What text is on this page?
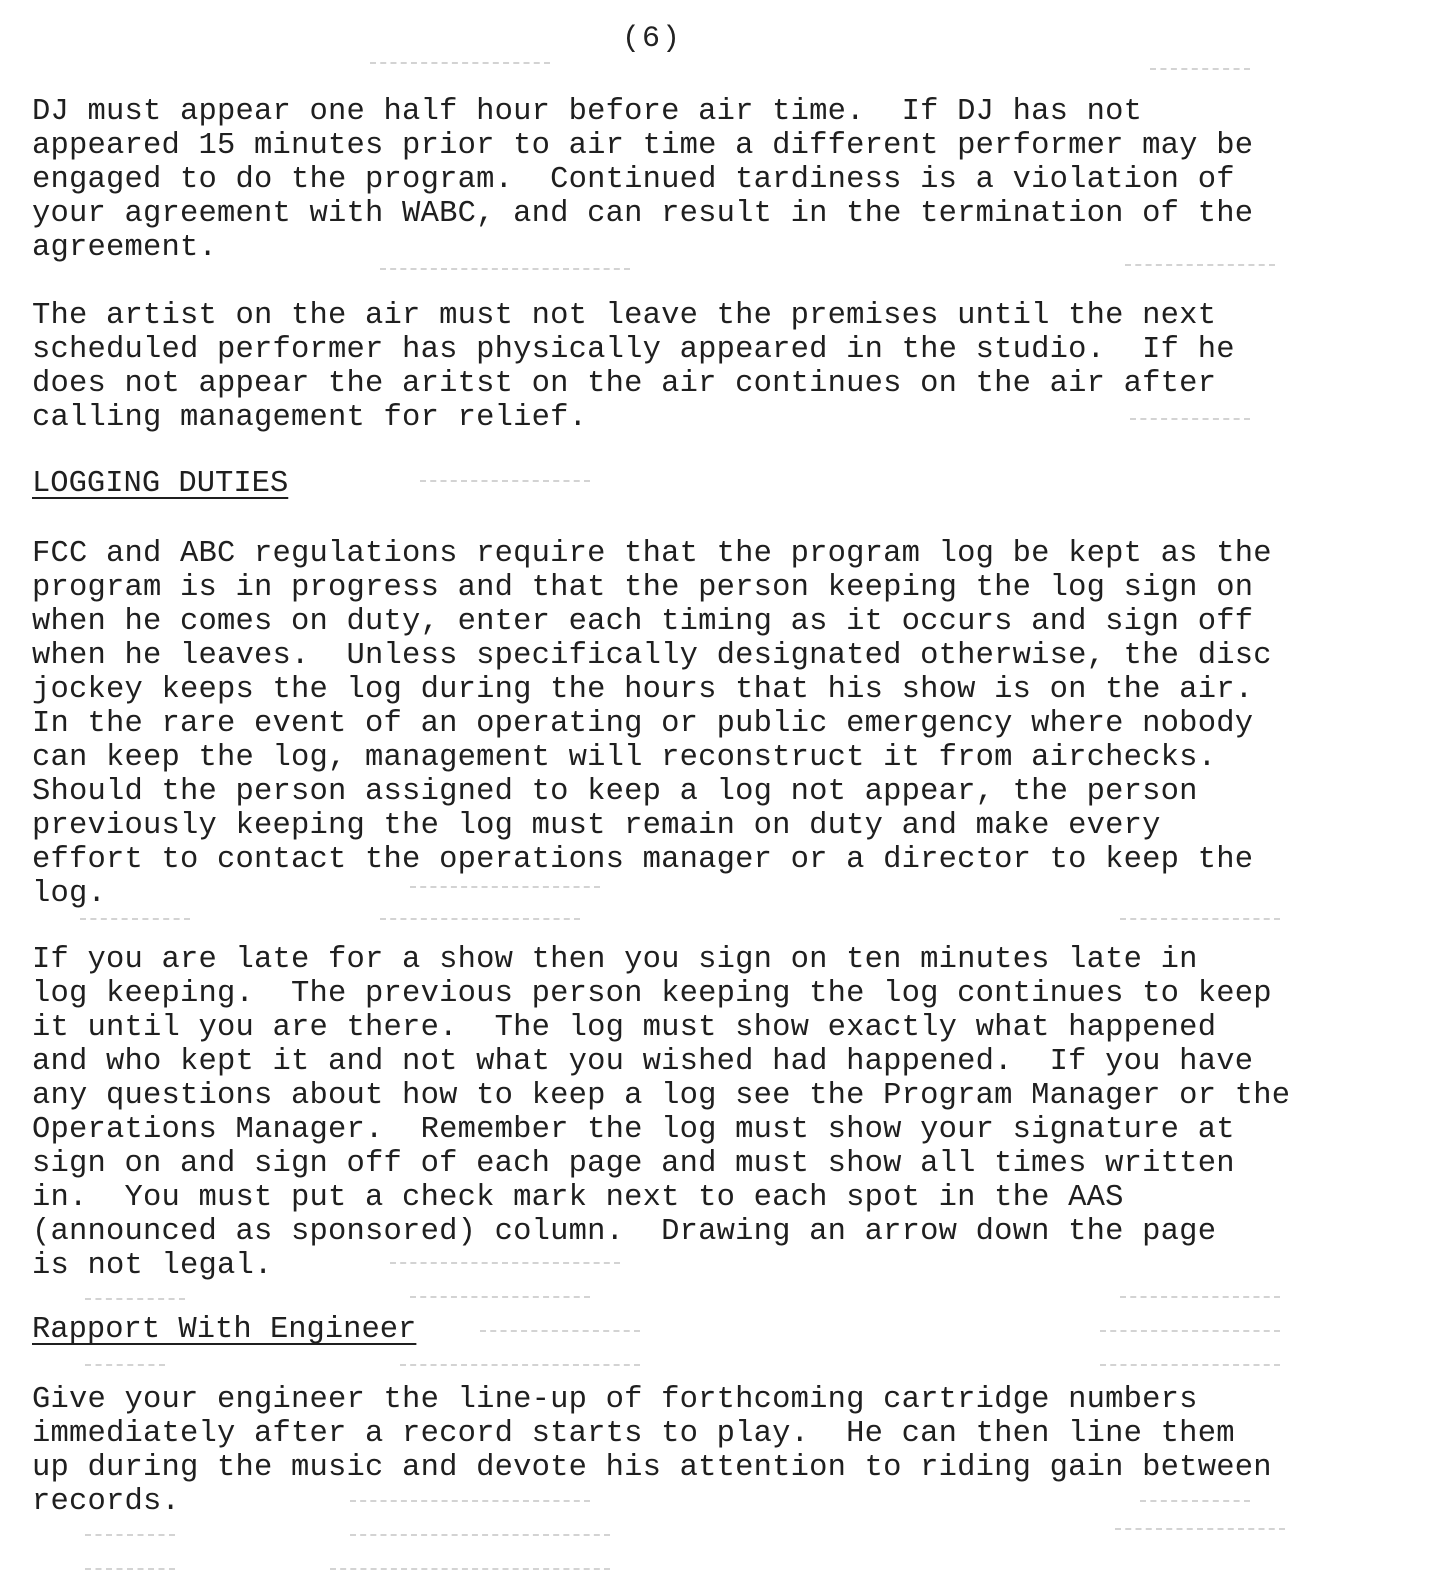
(6)

DJ must appear one half hour before air time.  If DJ has not
appeared 15 minutes prior to air time a different performer may be
engaged to do the program.  Continued tardiness is a violation of
your agreement with WABC, and can result in the termination of the
agreement.

The artist on the air must not leave the premises until the next
scheduled performer has physically appeared in the studio.  If he
does not appear the aritst on the air continues on the air after
calling management for relief.

LOGGING DUTIES

FCC and ABC regulations require that the program log be kept as the
program is in progress and that the person keeping the log sign on
when he comes on duty, enter each timing as it occurs and sign off
when he leaves.  Unless specifically designated otherwise, the disc
jockey keeps the log during the hours that his show is on the air.
In the rare event of an operating or public emergency where nobody
can keep the log, management will reconstruct it from airchecks.
Should the person assigned to keep a log not appear, the person
previously keeping the log must remain on duty and make every
effort to contact the operations manager or a director to keep the
log.

If you are late for a show then you sign on ten minutes late in
log keeping.  The previous person keeping the log continues to keep
it until you are there.  The log must show exactly what happened
and who kept it and not what you wished had happened.  If you have
any questions about how to keep a log see the Program Manager or the
Operations Manager.  Remember the log must show your signature at
sign on and sign off of each page and must show all times written
in.  You must put a check mark next to each spot in the AAS
(announced as sponsored) column.  Drawing an arrow down the page
is not legal.

Rapport With Engineer

Give your engineer the line-up of forthcoming cartridge numbers
immediately after a record starts to play.  He can then line them
up during the music and devote his attention to riding gain between
records.
